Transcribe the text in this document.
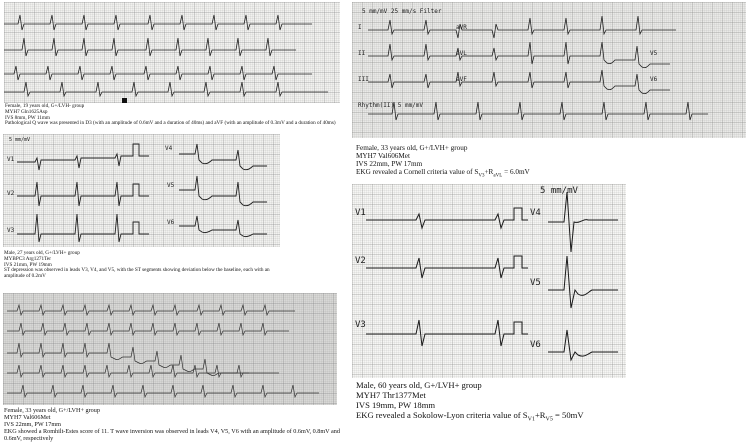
Female, 19 years old, G+/LVH- group
MYH7 Gln1625Asp
IVS 8mm, PW 11mm
Pathological Q wave was presented in D3 (with an amplitude of 0.6mV and a duration of 40ms) and aVF (with an amplitude of 0.3mV and a duration of 40ms)
5 mm/mV
V1
V4
V2
V5
V3
V6
Male, 27 years old, G+/LVH+ group
MYBPC3 Arg1271Ter
IVS 21mm, PW 19mm
ST depression was observed in leads V3, V4, and V5, with the ST segments showing deviation below the baseline, each with an amplitude of 0.2mV
Female, 33 years old, G+/LVH+ group
MYH7 Val606Met
IVS 22mm, PW 17mm
EKG showed a Romhilt-Estes score of 11. T wave inversion was observed in leads V4, V5, V6 with an amplitude of 0.6mV, 0.8mV and 0.6mV, respectively
5 mm/mV 25 mm/s Filter
I	aVR
II	aVL	V5
III	aVF	V6
Rhythm(II) 5 mm/mV
Female, 33 years old, G+/LVH+ group
MYH7 Val606Met
IVS 22mm, PW 17mm
EKG revealed a Cornell criteria value of $S_{V3}+R_{aVL} = 6.0mV$
5 mm/mV
V1	V4
V2
V5
V3
V6
Male, 60 years old, G+/LVH+ group
MYH7 Thr1377Met
IVS 19mm, PW 18mm
EKG revealed a Sokolow-Lyon criteria value of $S_{V1}+R_{V5} = 50mV$
